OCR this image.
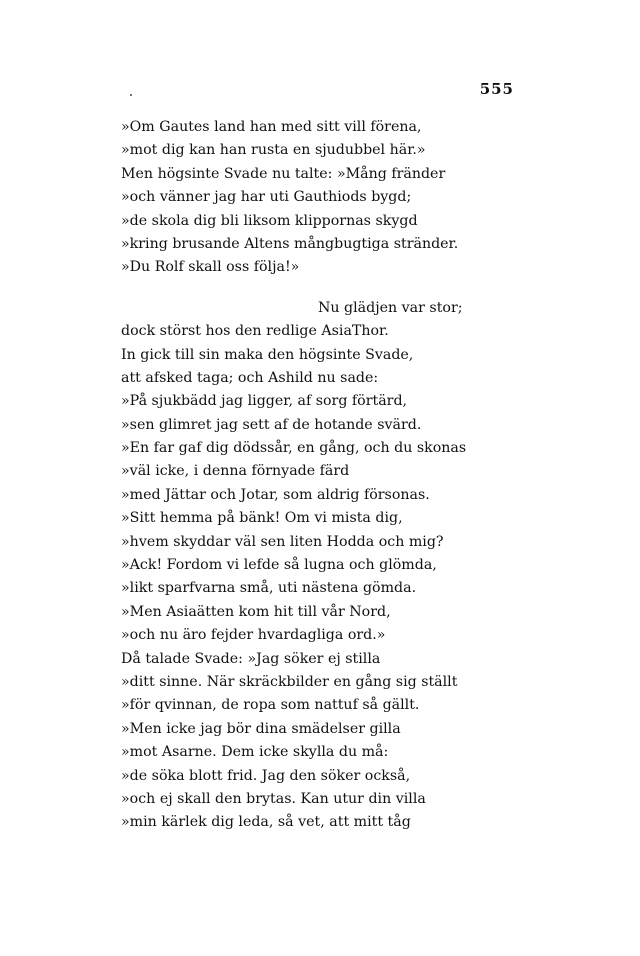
555
»Om Gautes land han med sitt vill förena,
»mot dig kan han rusta en sjudubbel här.»
Men högsinte Svade nu talte: »Mång fränder
»och vänner jag har uti Gauthiods bygd;
»de skola dig bli liksom klippornas skygd
»kring brusande Altens mångbugtiga stränder.
»Du Rolf skall oss följa!»
Nu glädjen var stor;
dock störst hos den redlige AsiaThor.
In gick till sin maka den högsinte Svade,
att afsked taga; och Ashild nu sade:
»På sjukbädd jag ligger, af sorg förtärd,
»sen glimret jag sett af de hotande svärd.
»En far gaf dig dödssår, en gång, och du skonas
»väl icke, i denna förnyade färd
»med Jättar och Jotar, som aldrig försonas.
»Sitt hemma på bänk! Om vi mista dig,
»hvem skyddar väl sen liten Hodda och mig?
»Ack! Fordom vi lefde så lugna och glömda,
»likt sparfvarna små, uti nästena gömda.
»Men Asiaätten kom hit till vår Nord,
»och nu äro fejder hvardagliga ord.»
Då talade Svade: »Jag söker ej stilla
»ditt sinne. När skräckbilder en gång sig ställt
»för qvinnan, de ropa som nattuf så gällt.
»Men icke jag bör dina smädelser gilla
»mot Asarne. Dem icke skylla du må:
»de söka blott frid. Jag den söker också,
»och ej skall den brytas. Kan utur din villa
»min kärlek dig leda, så vet, att mitt tåg
